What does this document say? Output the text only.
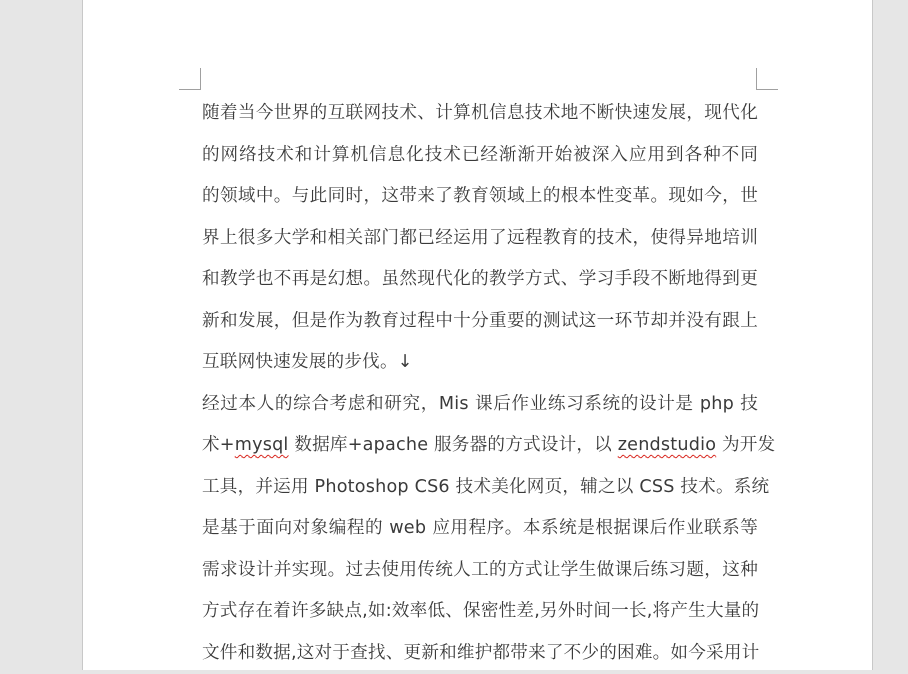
随着当今世界的互联网技术、计算机信息技术地不断快速发展，现代化
的网络技术和计算机信息化技术已经渐渐开始被深入应用到各种不同
的领域中。与此同时，这带来了教育领域上的根本性变革。现如今，世
界上很多大学和相关部门都已经运用了远程教育的技术，使得异地培训
和教学也不再是幻想。虽然现代化的教学方式、学习手段不断地得到更
新和发展，但是作为教育过程中十分重要的测试这一环节却并没有跟上
互联网快速发展的步伐。↓
经过本人的综合考虑和研究，Mis 课后作业练习系统的设计是 php 技
术+mysql 数据库+apache 服务器的方式设计，以 zendstudio 为开发
工具，并运用 Photoshop CS6 技术美化网页，辅之以 CSS 技术。系统
是基于面向对象编程的 web 应用程序。本系统是根据课后作业联系等
需求设计并实现。过去使用传统人工的方式让学生做课后练习题，这种
方式存在着许多缺点,如:效率低、保密性差,另外时间一长,将产生大量的
文件和数据,这对于查找、更新和维护都带来了不少的困难。如今采用计
